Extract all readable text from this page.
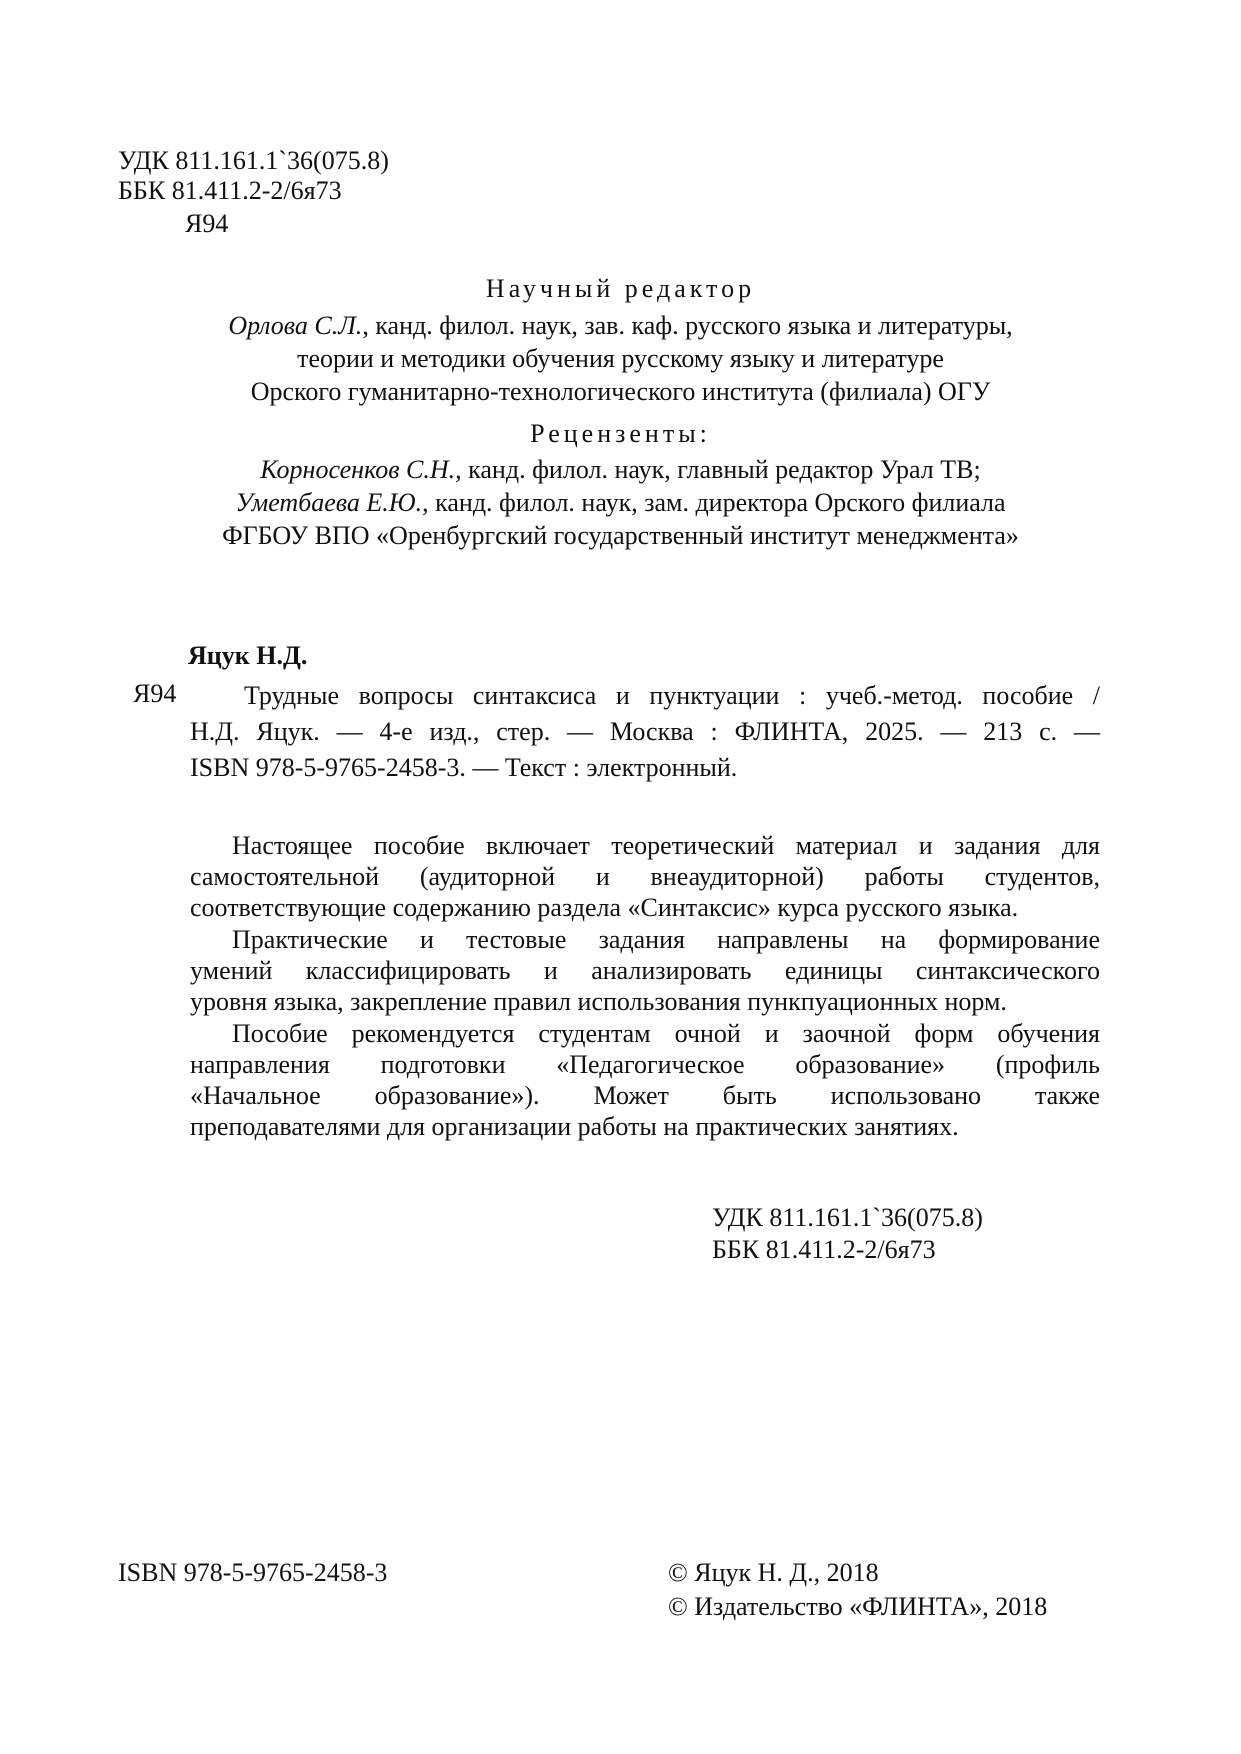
УДК 811.161.1`36(075.8)
ББК 81.411.2-2/6я73
Я94
Научный редактор
Орлова С.Л., канд. филол. наук, зав. каф. русского языка и литературы,
теории и методики обучения русскому языку и литературе
Орского гуманитарно-технологического института (филиала) ОГУ
Рецензенты:
Корносенков С.Н., канд. филол. наук, главный редактор Урал ТВ;
Уметбаева Е.Ю., канд. филол. наук, зам. директора Орского филиала
ФГБОУ ВПО «Оренбургский государственный институт менеджмента»
Яцук Н.Д.
Я94	Трудные вопросы синтаксиса и пунктуации : учеб.-метод. пособие /
Н.Д. Яцук. — 4-е изд., стер. — Москва : ФЛИНТА, 2025. — 213 с. —
ISBN 978-5-9765-2458-3. — Текст : электронный.
Настоящее пособие включает теоретический материал и задания для
самостоятельной (аудиторной и внеаудиторной) работы студентов,
соответствующие содержанию раздела «Синтаксис» курса русского языка.
Практические и тестовые задания направлены на формирование
умений классифицировать и анализировать единицы синтаксического
уровня языка, закрепление правил использования пункпуационных норм.
Пособие рекомендуется студентам очной и заочной форм обучения
направления подготовки «Педагогическое образование» (профиль
«Начальное образование»). Может быть использовано также
преподавателями для организации работы на практических занятиях.
УДК 811.161.1`36(075.8)
ББК 81.411.2-2/6я73
ISBN 978-5-9765-2458-3	© Яцук Н. Д., 2018
© Издательство «ФЛИНТА», 2018
